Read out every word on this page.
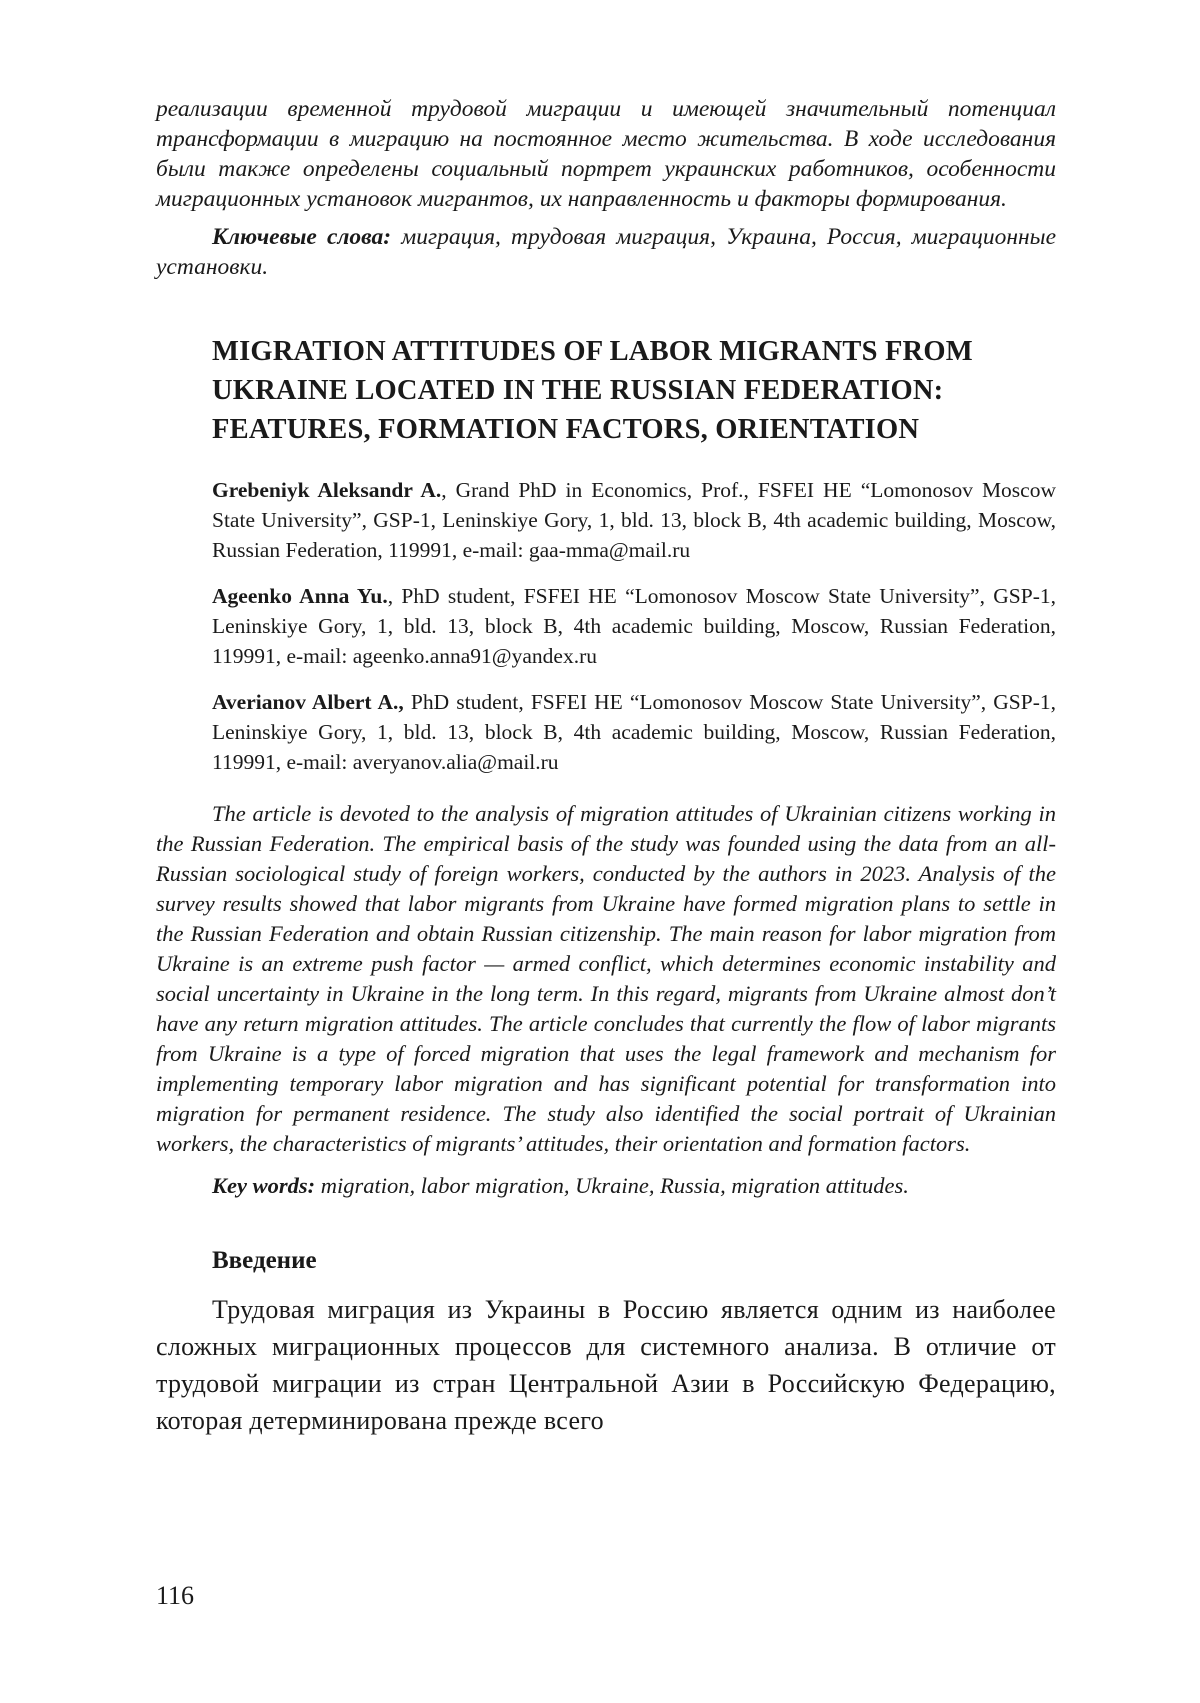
реализации временной трудовой миграции и имеющей значительный потенциал трансформации в миграцию на постоянное место жительства. В ходе исследования были также определены социальный портрет украинских работников, особенности миграционных установок мигрантов, их направленность и факторы формирования.

Ключевые слова: миграция, трудовая миграция, Украина, Россия, миграционные установки.

MIGRATION ATTITUDES OF LABOR MIGRANTS FROM
UKRAINE LOCATED IN THE RUSSIAN FEDERATION:
FEATURES, FORMATION FACTORS, ORIENTATION

Grebeniyk Aleksandr A., Grand PhD in Economics, Prof., FSFEI HE “Lomonosov Moscow State University”, GSP-1, Leninskiye Gory, 1, bld. 13, block B, 4th academic building, Moscow, Russian Federation, 119991, e-mail: gaa-mma@mail.ru

Ageenko Anna Yu., PhD student, FSFEI HE “Lomonosov Moscow State University”, GSP-1, Leninskiye Gory, 1, bld. 13, block B, 4th academic building, Moscow, Russian Federation, 119991, e-mail: ageenko.anna91@yandex.ru

Averianov Albert A., PhD student, FSFEI HE “Lomonosov Moscow State University”, GSP-1, Leninskiye Gory, 1, bld. 13, block B, 4th academic building, Moscow, Russian Federation, 119991, e-mail: averyanov.alia@mail.ru

The article is devoted to the analysis of migration attitudes of Ukrainian citizens working in the Russian Federation. The empirical basis of the study was founded using the data from an all-Russian sociological study of foreign workers, conducted by the authors in 2023. Analysis of the survey results showed that labor migrants from Ukraine have formed migration plans to settle in the Russian Federation and obtain Russian citizenship. The main reason for labor migration from Ukraine is an extreme push factor — armed conflict, which determines economic instability and social uncertainty in Ukraine in the long term. In this regard, migrants from Ukraine almost don’t have any return migration attitudes. The article concludes that currently the flow of labor migrants from Ukraine is a type of forced migration that uses the legal framework and mechanism for implementing temporary labor migration and has significant potential for transformation into migration for permanent residence. The study also identified the social portrait of Ukrainian workers, the characteristics of migrants’ attitudes, their orientation and formation factors.

Key words: migration, labor migration, Ukraine, Russia, migration attitudes.

Введение

Трудовая миграция из Украины в Россию является одним из наиболее сложных миграционных процессов для системного анализа. В отличие от трудовой миграции из стран Центральной Азии в Российскую Федерацию, которая детерминирована прежде всего

116
